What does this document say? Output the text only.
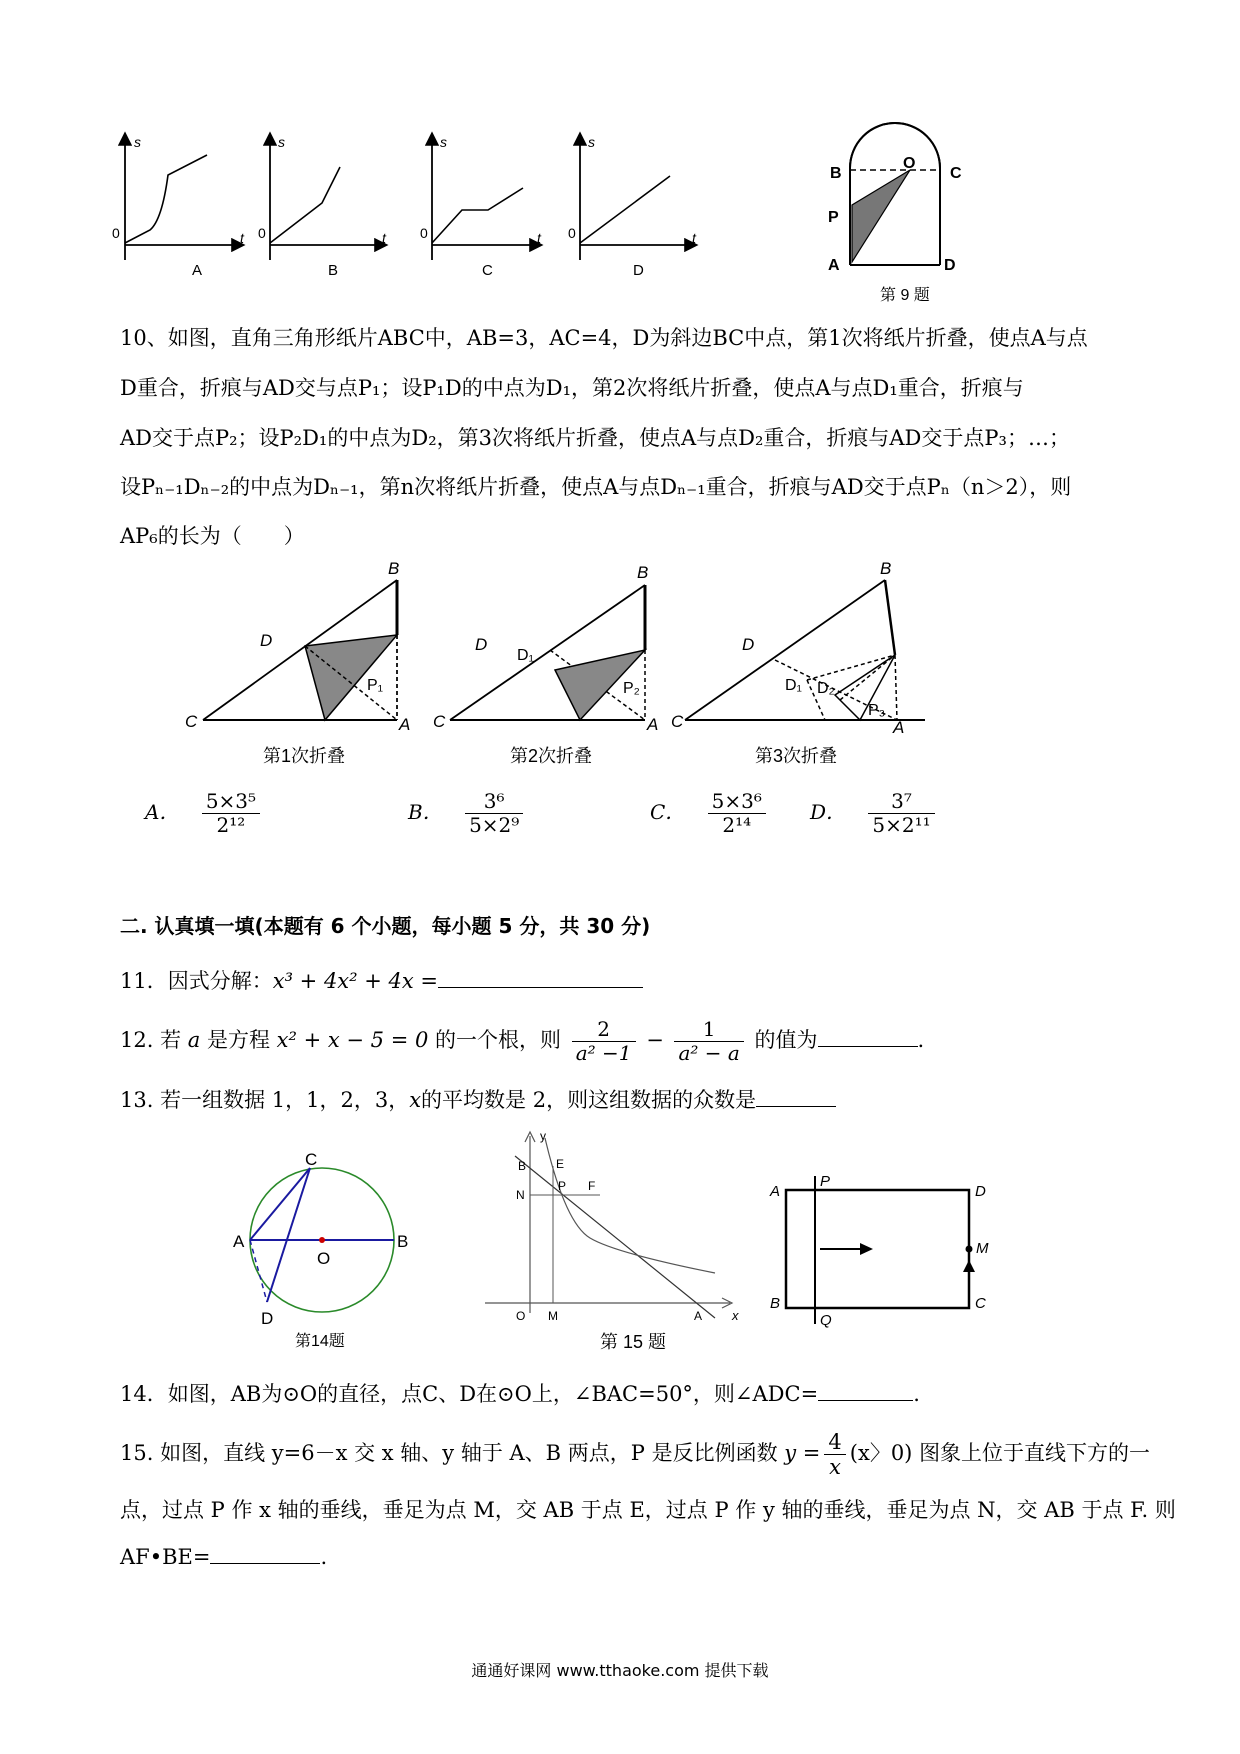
s	s	s	s
0	0	0	0
t	t	t	t
A	B	C	D
B
O
C
P
A	D
第 9 题
10、如图，直角三角形纸片ABC中，AB=3，AC=4，D为斜边BC中点，第1次将纸片折叠，使点A与点
D重合，折痕与AD交与点P₁；设P₁D的中点为D₁，第2次将纸片折叠，使点A与点D₁重合，折痕与
AD交于点P₂；设P₂D₁的中点为D₂，第3次将纸片折叠，使点A与点D₂重合，折痕与AD交于点P₃；…；
设Pₙ₋₁Dₙ₋₂的中点为Dₙ₋₁，第n次将纸片折叠，使点A与点Dₙ₋₁重合，折痕与AD交于点Pₙ（n＞2），则
AP₆的长为（　　）
B
D
C	A
P₁
第1次折叠
B
D
D₁
C	A
P₂
第2次折叠
B
D
D₁ D₂
C	A
P₃
第3次折叠
A． $\frac{\text{5×3⁵}}{\text{2¹²}}$	B． $\frac{\text{3⁶}}{\text{5×2⁹}}$	C． $\frac{\text{5×3⁶}}{\text{2¹⁴}}$ D． $\frac{\text{3⁷}}{\text{5×2¹¹}}$
二. 认真填一填(本题有 6 个小题，每小题 5 分，共 30 分)
11．因式分解：x³ + 4x² + 4x =
12. 若 a 是方程 x² + x − 5 = 0 的一个根，则 $\frac{2}{\text{a² −1}} - \frac{1}{\text{a² − a}}$ 的值为	.
13. 若一组数据 1，1，2，3，x的平均数是 2，则这组数据的众数是
C
A
O
B
D
第14题
y
B E
N
P F
O M	A x
第 15 题
A
P
D
M
B
Q
C
14．如图，AB为⊙O的直径，点C、D在⊙O上，∠BAC=50°，则∠ADC=	.
15. 如图，直线 y=6－x 交 x 轴、y 轴于 A、B 两点，P 是反比例函数 $y = \frac{4}{x} (x$〉0) 图象上位于直线下方的一
点，过点 P 作 x 轴的垂线，垂足为点 M，交 AB 于点 E，过点 P 作 y 轴的垂线，垂足为点 N，交 AB 于点 F. 则
AF•BE=	.
通通好课网 www.tthaoke.com 提供下载
